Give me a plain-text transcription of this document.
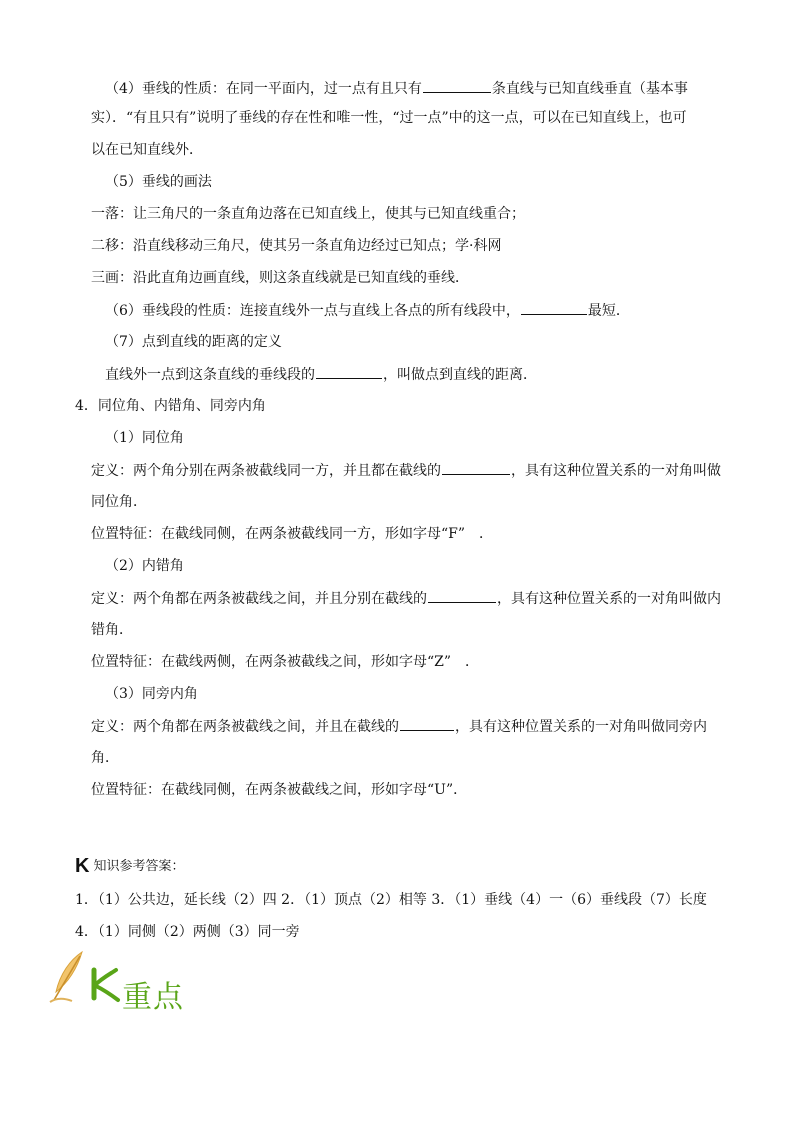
（4）垂线的性质：在同一平面内，过一点有且只有	条直线与已知直线垂直（基本事
实）．“有且只有”说明了垂线的存在性和唯一性，“过一点”中的这一点，可以在已知直线上，也可
以在已知直线外．
（5）垂线的画法
一落：让三角尺的一条直角边落在已知直线上，使其与已知直线重合；
二移：沿直线移动三角尺，使其另一条直角边经过已知点；学·科网
三画：沿此直角边画直线，则这条直线就是已知直线的垂线．
（6）垂线段的性质：连接直线外一点与直线上各点的所有线段中，	最短．
（7）点到直线的距离的定义
直线外一点到这条直线的垂线段的	，叫做点到直线的距离．
4．同位角、内错角、同旁内角
（1）同位角
定义：两个角分别在两条被截线同一方，并且都在截线的	，具有这种位置关系的一对角叫做
同位角．
位置特征：在截线同侧，在两条被截线同一方，形如字母“F”　．
（2）内错角
定义：两个角都在两条被截线之间，并且分别在截线的	，具有这种位置关系的一对角叫做内
错角．
位置特征：在截线两侧，在两条被截线之间，形如字母“Z”　．
（3）同旁内角
定义：两个角都在两条被截线之间，并且在截线的	，具有这种位置关系的一对角叫做同旁内
角．
位置特征：在截线同侧，在两条被截线之间，形如字母“U”．
K知识参考答案：
1．（1）公共边，延长线（2）四 2．（1）顶点（2）相等 3．（1）垂线（4）一（6）垂线段（7）长度
4．（1）同侧（2）两侧（3）同一旁
重点
